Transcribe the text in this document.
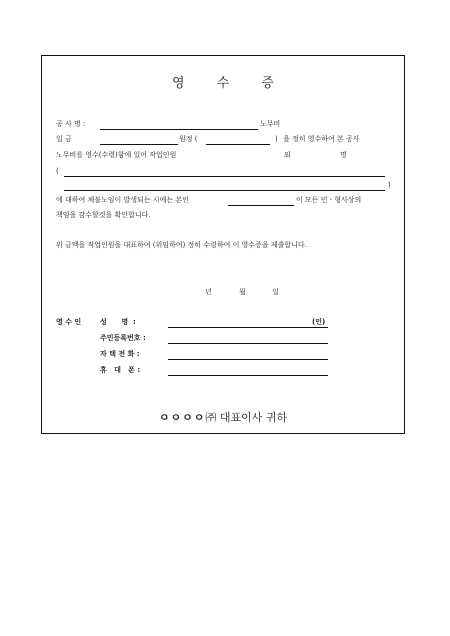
영 수 증
공 사 명 :	노무비
일 금	원정 (	) 을 정히 영수하여 본 공사
노무비를 영수(수령)함에 있어 작업인원	외	명
(
)
에 대하여 체불노임이 발생되는 시에는 본인	이 모든 민ㆍ형사상의
책임을 감수할것을 확인합니다.
위 금액을 작업인원을 대표하여 (위임하여) 정히 수령하여 이 영수증을 제출합니다.
년	월	일
영 수 인	성      명  :	(인)
주민등록번호 :
자 택 전 화 :
휴   대   폰 :
ㅇㅇㅇㅇ㈜ 대표이사 귀하
